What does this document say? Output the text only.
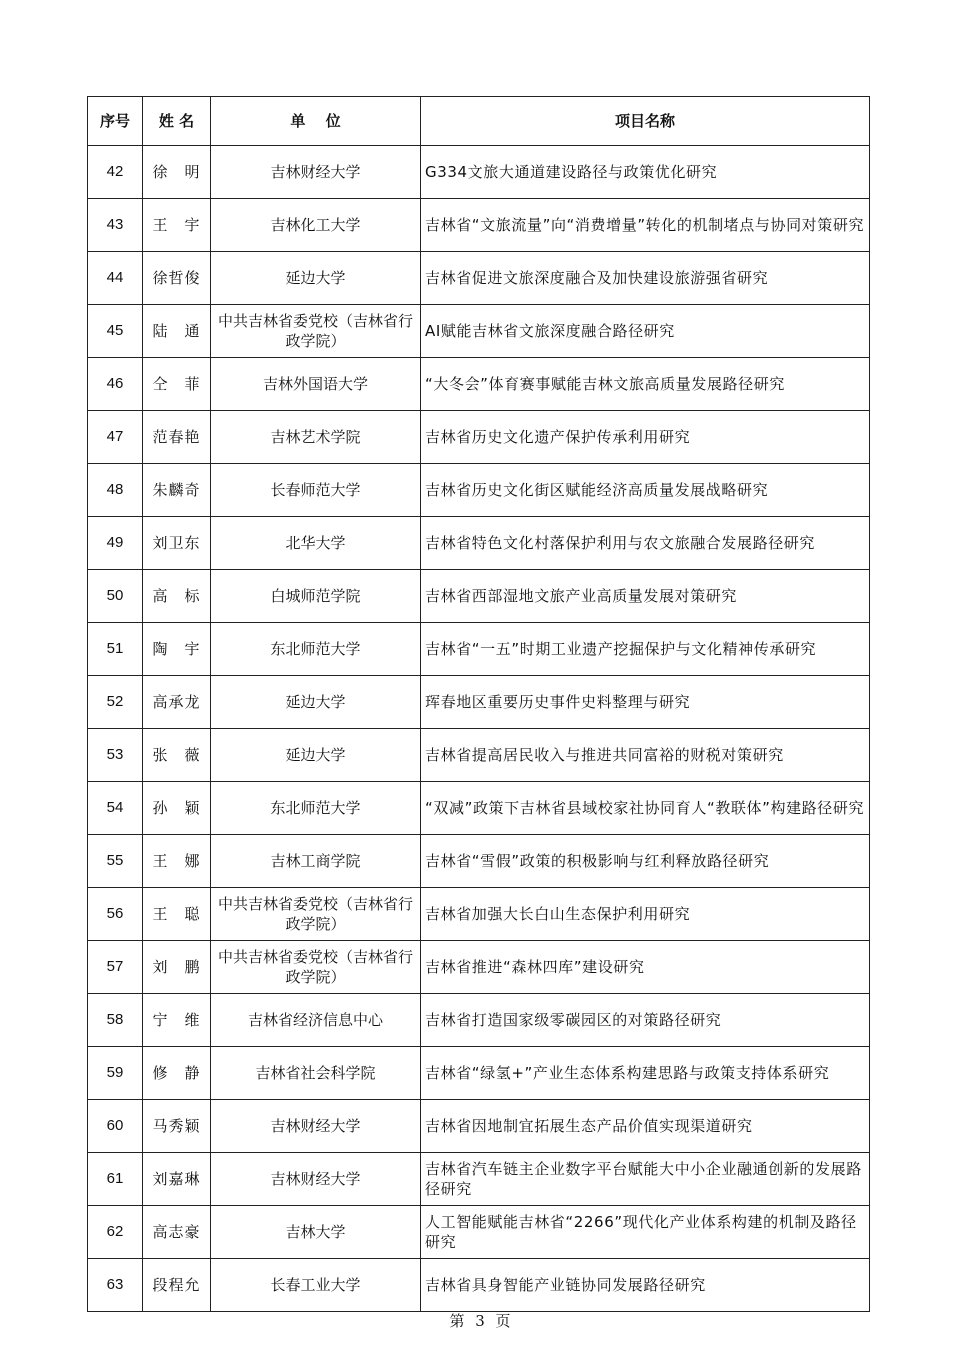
序号	姓 名	单　 位	项目名称
42	徐　明	吉林财经大学	G334文旅大通道建设路径与政策优化研究
43	王　宇	吉林化工大学	吉林省“文旅流量”向“消费增量”转化的机制堵点与协同对策研究
44	徐哲俊	延边大学	吉林省促进文旅深度融合及加快建设旅游强省研究
45	陆　通	中共吉林省委党校（吉林省行政学院）	AI赋能吉林省文旅深度融合路径研究
46	仝　菲	吉林外国语大学	“大冬会”体育赛事赋能吉林文旅高质量发展路径研究
47	范春艳	吉林艺术学院	吉林省历史文化遗产保护传承利用研究
48	朱麟奇	长春师范大学	吉林省历史文化街区赋能经济高质量发展战略研究
49	刘卫东	北华大学	吉林省特色文化村落保护利用与农文旅融合发展路径研究
50	高　标	白城师范学院	吉林省西部湿地文旅产业高质量发展对策研究
51	陶　宇	东北师范大学	吉林省“一五”时期工业遗产挖掘保护与文化精神传承研究
52	高承龙	延边大学	珲春地区重要历史事件史料整理与研究
53	张　薇	延边大学	吉林省提高居民收入与推进共同富裕的财税对策研究
54	孙　颖	东北师范大学	“双减”政策下吉林省县域校家社协同育人“教联体”构建路径研究
55	王　娜	吉林工商学院	吉林省“雪假”政策的积极影响与红利释放路径研究
56	王　聪	中共吉林省委党校（吉林省行政学院）	吉林省加强大长白山生态保护利用研究
57	刘　鹏	中共吉林省委党校（吉林省行政学院）	吉林省推进“森林四库”建设研究
58	宁　维	吉林省经济信息中心	吉林省打造国家级零碳园区的对策路径研究
59	修　静	吉林省社会科学院	吉林省“绿氢+”产业生态体系构建思路与政策支持体系研究
60	马秀颖	吉林财经大学	吉林省因地制宜拓展生态产品价值实现渠道研究
61	刘嘉琳	吉林财经大学	吉林省汽车链主企业数字平台赋能大中小企业融通创新的发展路径研究
62	高志豪	吉林大学	人工智能赋能吉林省“2266”现代化产业体系构建的机制及路径研究
63	段程允	长春工业大学	吉林省具身智能产业链协同发展路径研究
第 3 页
